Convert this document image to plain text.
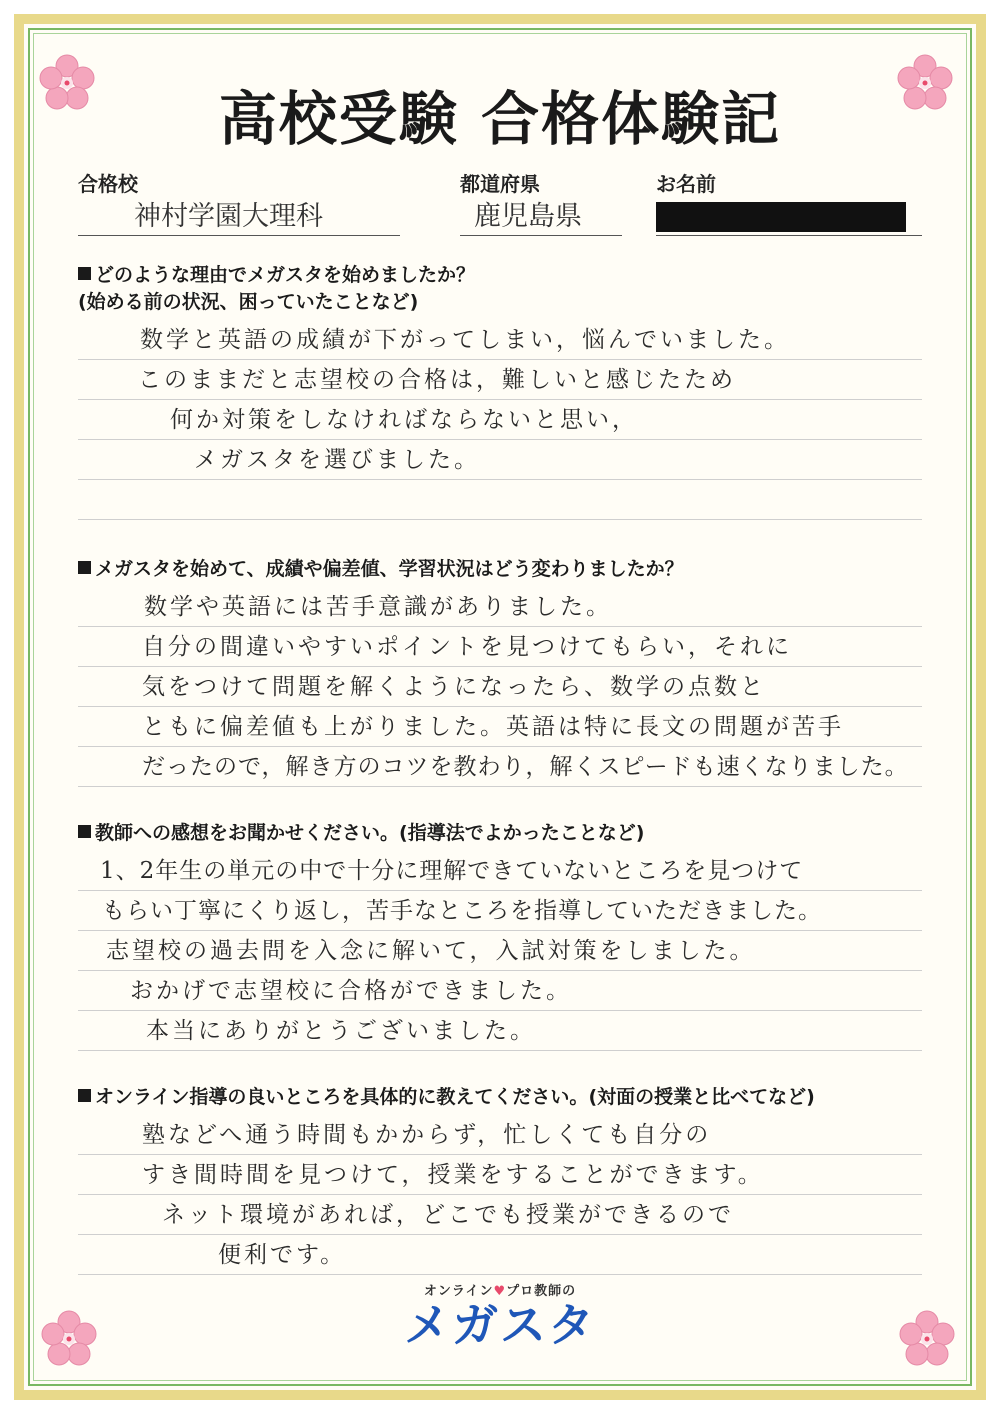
高校受験 合格体験記
合格校
神村学園大理科
都道府県
鹿児島県
お名前
どのような理由でメガスタを始めましたか？
(始める前の状況、困っていたことなど)
数学と英語の成績が下がってしまい，悩んでいました。
このままだと志望校の合格は，難しいと感じたため
何か対策をしなければならないと思い，
メガスタを選びました。
メガスタを始めて、成績や偏差値、学習状況はどう変わりましたか？
数学や英語には苦手意識がありました。
自分の間違いやすいポイントを見つけてもらい，それに
気をつけて問題を解くようになったら、数学の点数と
ともに偏差値も上がりました。英語は特に長文の問題が苦手
だったので，解き方のコツを教わり，解くスピードも速くなりました。
教師への感想をお聞かせください。(指導法でよかったことなど)
1、2年生の単元の中で十分に理解できていないところを見つけて
もらい丁寧にくり返し，苦手なところを指導していただきました。
志望校の過去問を入念に解いて，入試対策をしました。
おかげで志望校に合格ができました。
本当にありがとうございました。
オンライン指導の良いところを具体的に教えてください。(対面の授業と比べてなど)
塾などへ通う時間もかからず，忙しくても自分の
すき間時間を見つけて，授業をすることができます。
ネット環境があれば，どこでも授業ができるので
便利です。
オンライン♥プロ教師の
メガスタ
